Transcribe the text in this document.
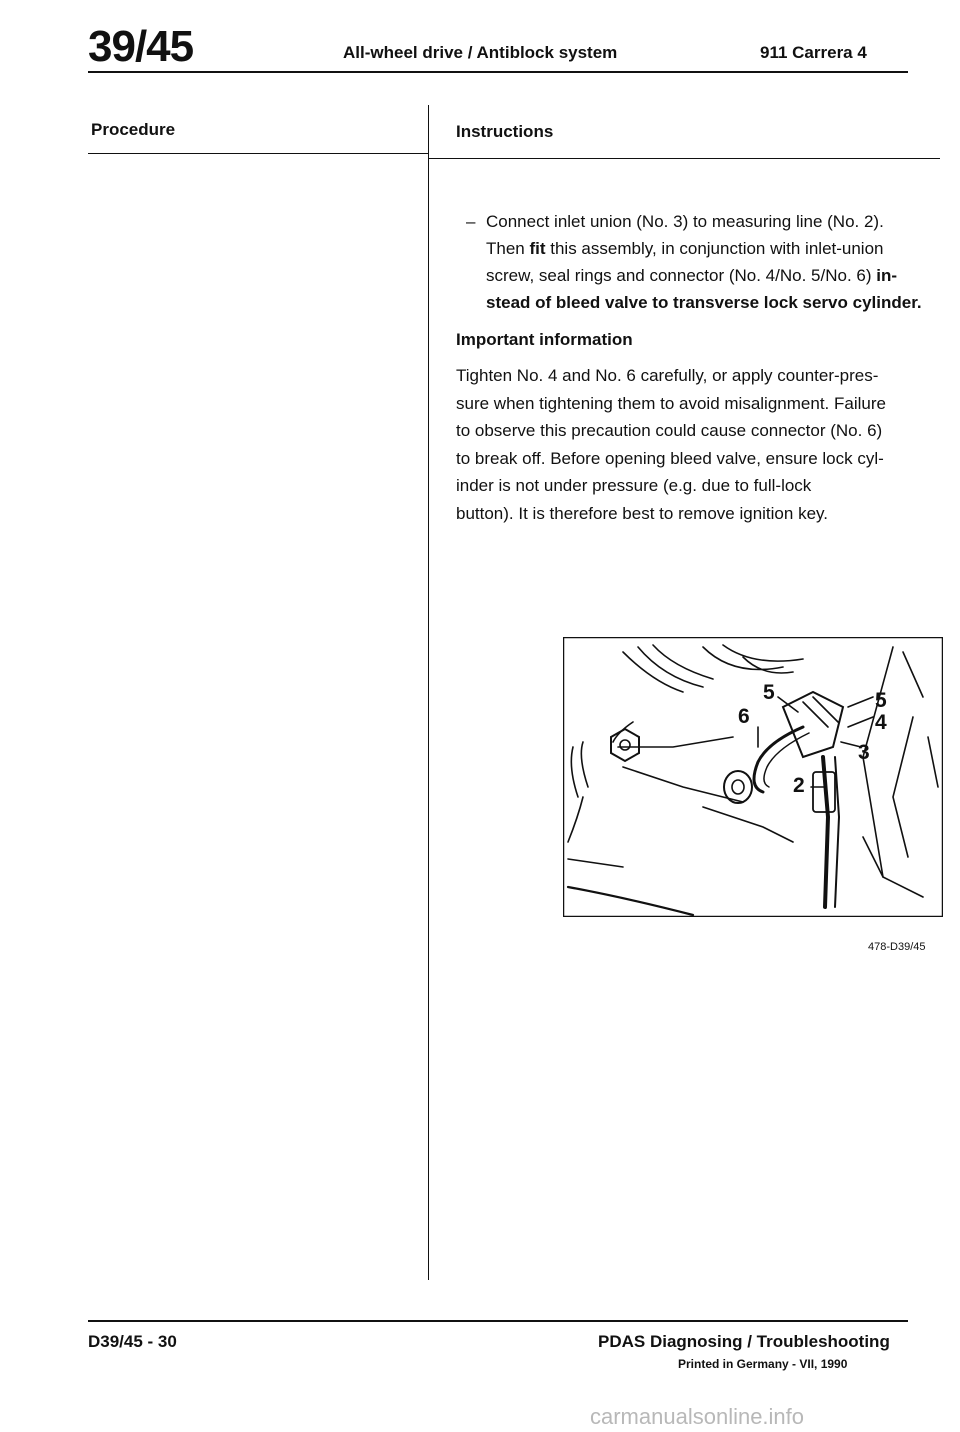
39/45	All-wheel drive / Antiblock system	911 Carrera 4
Procedure	Instructions
– Connect inlet union (No. 3) to measuring line (No. 2).
Then fit this assembly, in conjunction with inlet-union
screw, seal rings and connector (No. 4/No. 5/No. 6) in-
stead of bleed valve to transverse lock servo cylinder.
Important information
Tighten No. 4 and No. 6 carefully, or apply counter-pres-
sure when tightening them to avoid misalignment. Failure
to observe this precaution could cause connector (No. 6)
to break off. Before opening bleed valve, ensure lock cyl-
inder is not under pressure (e.g. due to full-lock
button). It is therefore best to remove ignition key.
5
6
5
4
3
2
478-D39/45
D39/45 - 30	PDAS Diagnosing / Troubleshooting
Printed in Germany - VII, 1990
carmanualsonline.info
